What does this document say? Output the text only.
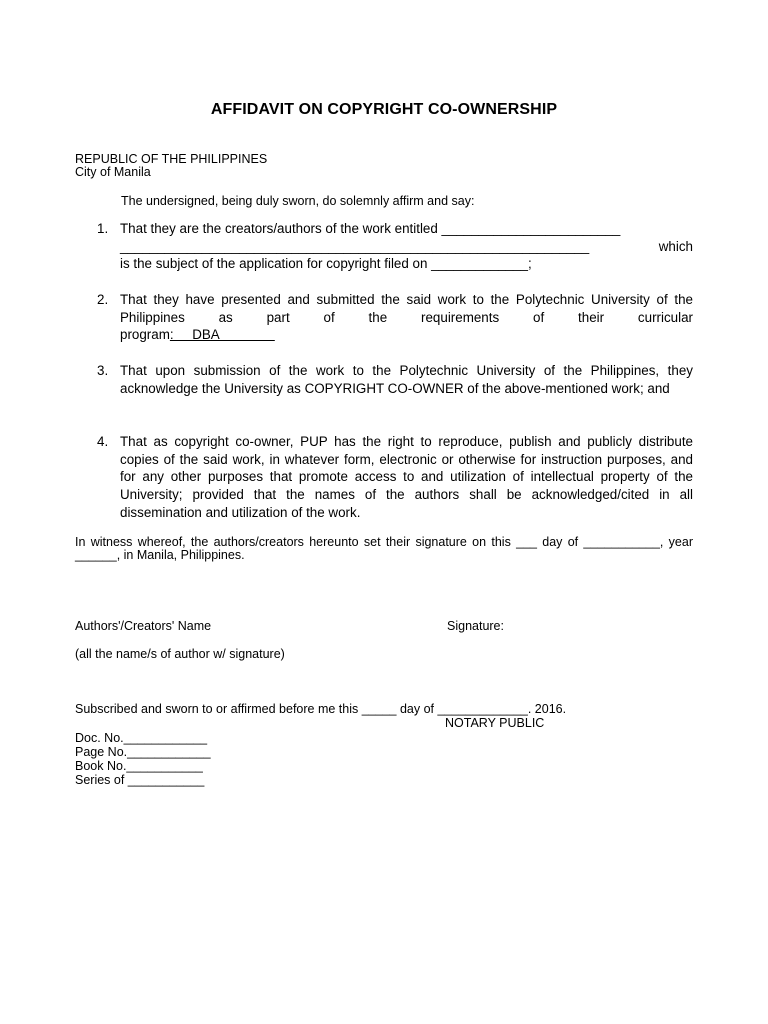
AFFIDAVIT ON COPYRIGHT CO-OWNERSHIP
REPUBLIC OF THE PHILIPPINES
City of Manila
The undersigned, being duly sworn, do solemnly affirm and say:
1. That they are the creators/authors of the work entitled ________________________
_______________________________________________________________	which
is the subject of the application for copyright filed on _____________;
2. That they have presented and submitted the said work to the Polytechnic University of the
Philippines as part of the requirements of their curricular
program:     DBA
3. That upon submission of the work to the Polytechnic University of the Philippines, they acknowledge the University as COPYRIGHT CO-OWNER of the above-mentioned work; and
4. That as copyright co-owner, PUP has the right to reproduce, publish and publicly distribute copies of the said work, in whatever form, electronic or otherwise for instruction purposes, and for any other purposes that promote access to and utilization of intellectual property of the University; provided that the names of the authors shall be acknowledged/cited in all dissemination and utilization of the work.
In witness whereof, the authors/creators hereunto set their signature on this ___ day of ___________, year
______, in Manila, Philippines.
Authors'/Creators' Name	Signature:
(all the name/s of author w/ signature)
Subscribed and sworn to or affirmed before me this _____ day of _____________. 2016.
NOTARY PUBLIC
Doc. No.____________
Page No.____________
Book No.___________
Series of ___________
